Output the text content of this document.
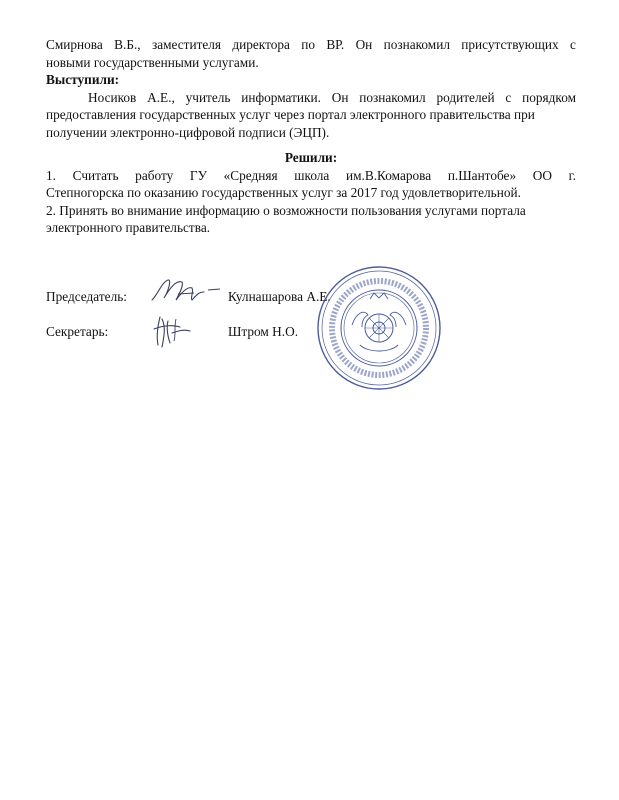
Смирнова В.Б., заместителя директора по ВР. Он познакомил присутствующих с
новыми государственными услугами.
Выступили:
Носиков А.Е., учитель информатики. Он познакомил родителей с порядком
предоставления государственных услуг через портал электронного правительства при
получении электронно-цифровой подписи (ЭЦП).
Решили:
1. Считать работу ГУ «Средняя школа им.В.Комарова п.Шантобе» ОО г.
Степногорска по оказанию государственных услуг за 2017 год удовлетворительной.
2. Принять во внимание информацию о возможности пользования услугами портала
электронного правительства.
Председатель:	Кулнашарова А.Е.
Секретарь:	Штром Н.О.
